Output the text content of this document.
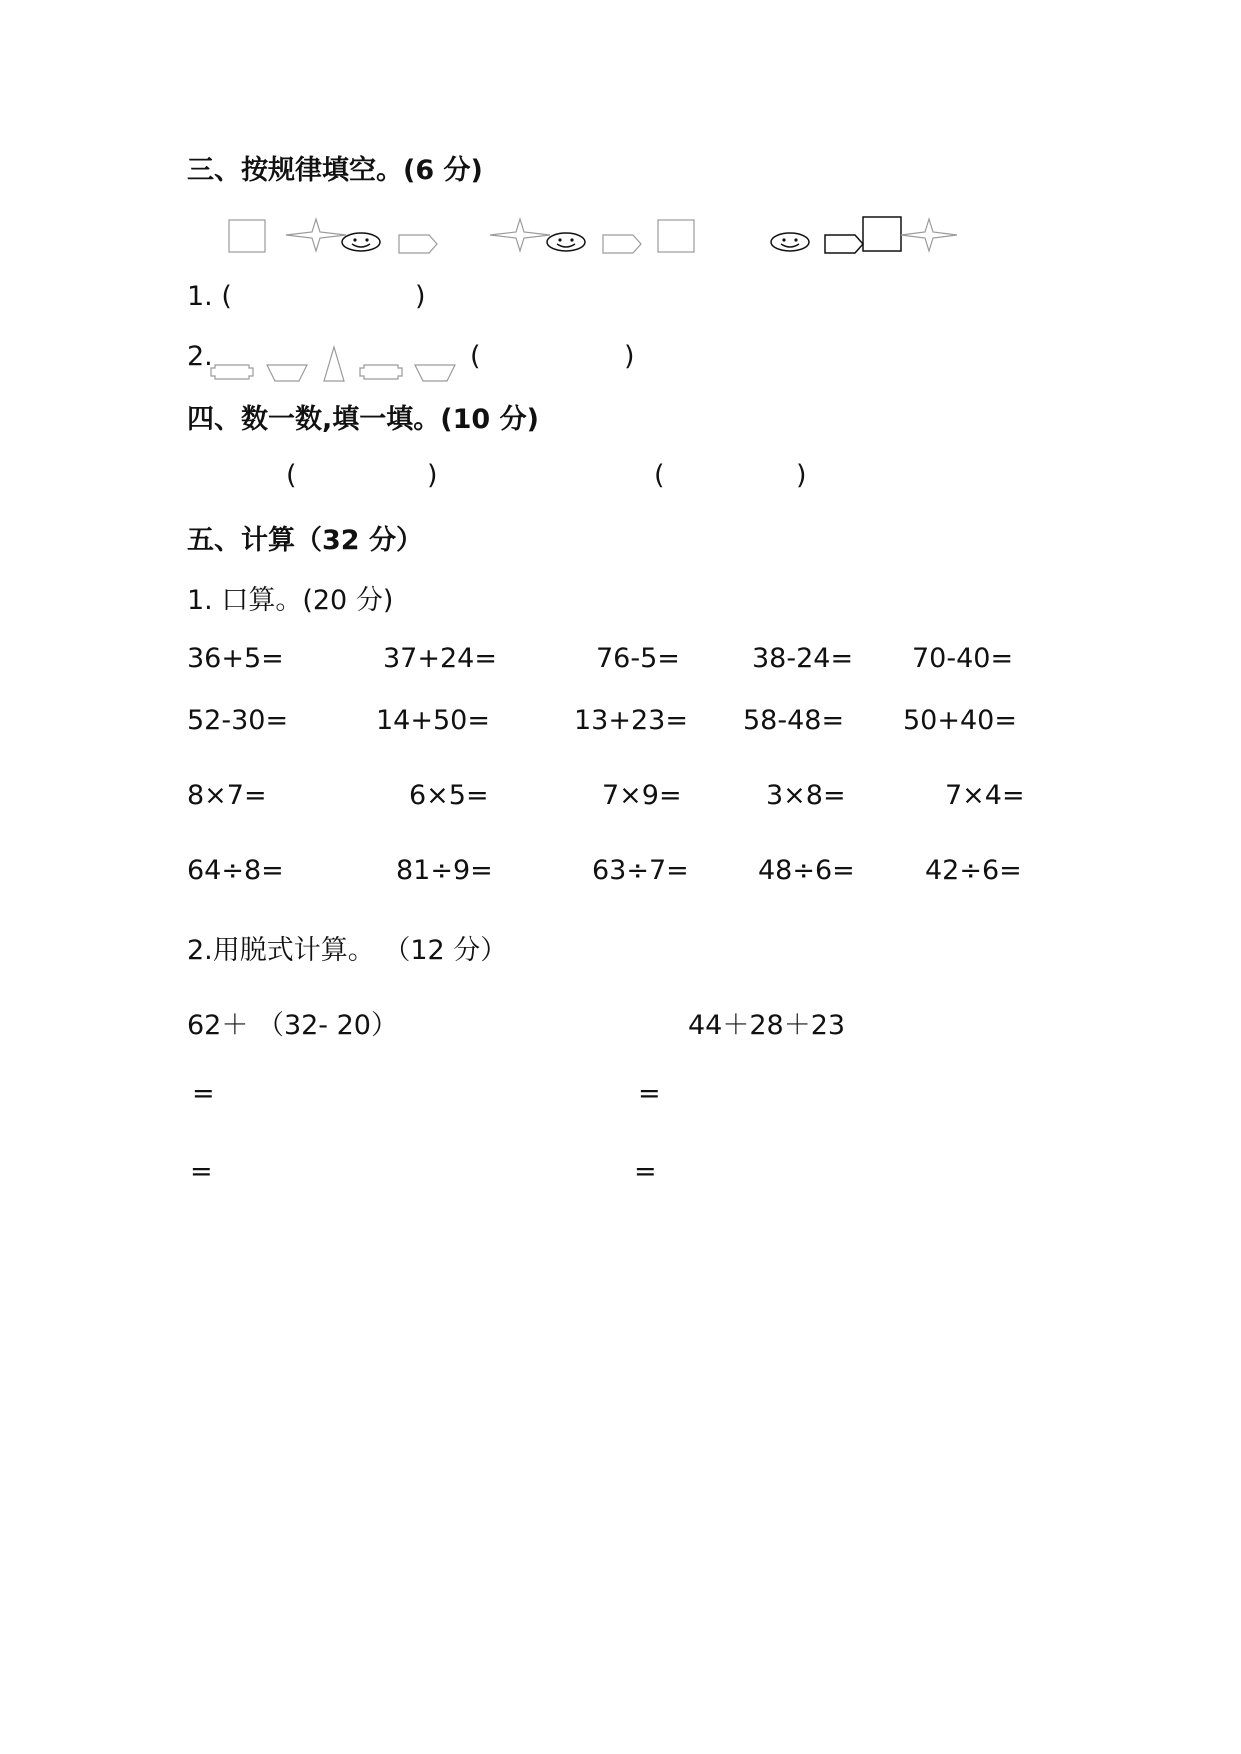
三、按规律填空。(6 分)
1. (	)
2.	(	)
四、数一数,填一填。(10 分)
(	)	(	)
五、计算（32 分）
1. 口算。(20 分)
36+5=	37+24=	76-5=	38-24= 70-40=
52-30=	14+50=	13+23= 58-48= 50+40=
8×7=	6×5=	7×9=	3×8=	7×4=
64÷8=	81÷9=	63÷7=	48÷6=	42÷6=
2.用脱式计算。 （12 分）
62＋ （32- 20）	44＋28＋23
=	=
=	=
